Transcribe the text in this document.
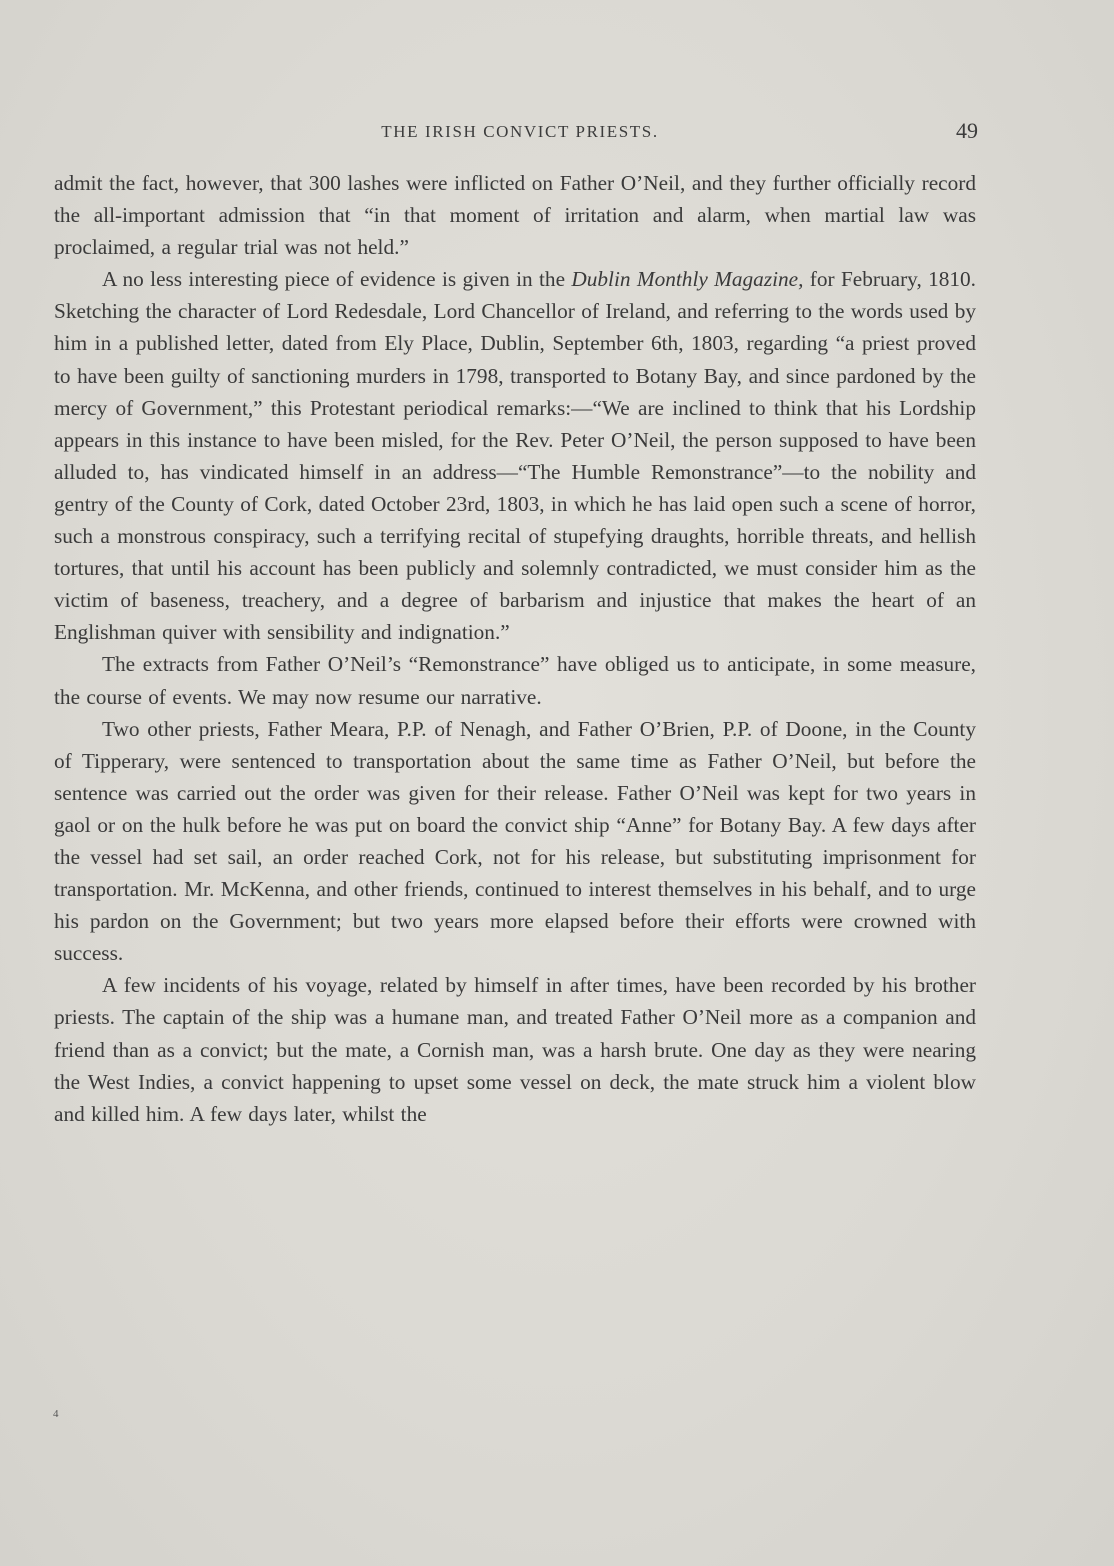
THE IRISH CONVICT PRIESTS.	49

admit the fact, however, that 300 lashes were inflicted on Father O’Neil, and they further officially record the all-important admission that “in that moment of irritation and alarm, when martial law was proclaimed, a regular trial was not held.”

A no less interesting piece of evidence is given in the Dublin Monthly Magazine, for February, 1810. Sketching the character of Lord Redesdale, Lord Chancellor of Ireland, and referring to the words used by him in a published letter, dated from Ely Place, Dublin, September 6th, 1803, regarding “a priest proved to have been guilty of sanctioning murders in 1798, transported to Botany Bay, and since pardoned by the mercy of Government,” this Protestant periodical remarks:—“We are inclined to think that his Lordship appears in this instance to have been misled, for the Rev. Peter O’Neil, the person supposed to have been alluded to, has vindicated himself in an address—“The Humble Remonstrance”—to the nobility and gentry of the County of Cork, dated October 23rd, 1803, in which he has laid open such a scene of horror, such a monstrous conspiracy, such a terrifying recital of stupefying draughts, horrible threats, and hellish tortures, that until his account has been publicly and solemnly contradicted, we must consider him as the victim of baseness, treachery, and a degree of barbarism and injustice that makes the heart of an Englishman quiver with sensibility and indignation.”

The extracts from Father O’Neil’s “Remonstrance” have obliged us to anticipate, in some measure, the course of events. We may now resume our narrative.

Two other priests, Father Meara, P.P. of Nenagh, and Father O’Brien, P.P. of Doone, in the County of Tipperary, were sentenced to transportation about the same time as Father O’Neil, but before the sentence was carried out the order was given for their release. Father O’Neil was kept for two years in gaol or on the hulk before he was put on board the convict ship “Anne” for Botany Bay. A few days after the vessel had set sail, an order reached Cork, not for his release, but substituting imprisonment for transportation. Mr. McKenna, and other friends, continued to interest themselves in his behalf, and to urge his pardon on the Government; but two years more elapsed before their efforts were crowned with success.

A few incidents of his voyage, related by himself in after times, have been recorded by his brother priests. The captain of the ship was a humane man, and treated Father O’Neil more as a companion and friend than as a convict; but the mate, a Cornish man, was a harsh brute. One day as they were nearing the West Indies, a convict happening to upset some vessel on deck, the mate struck him a violent blow and killed him. A few days later, whilst the

4
